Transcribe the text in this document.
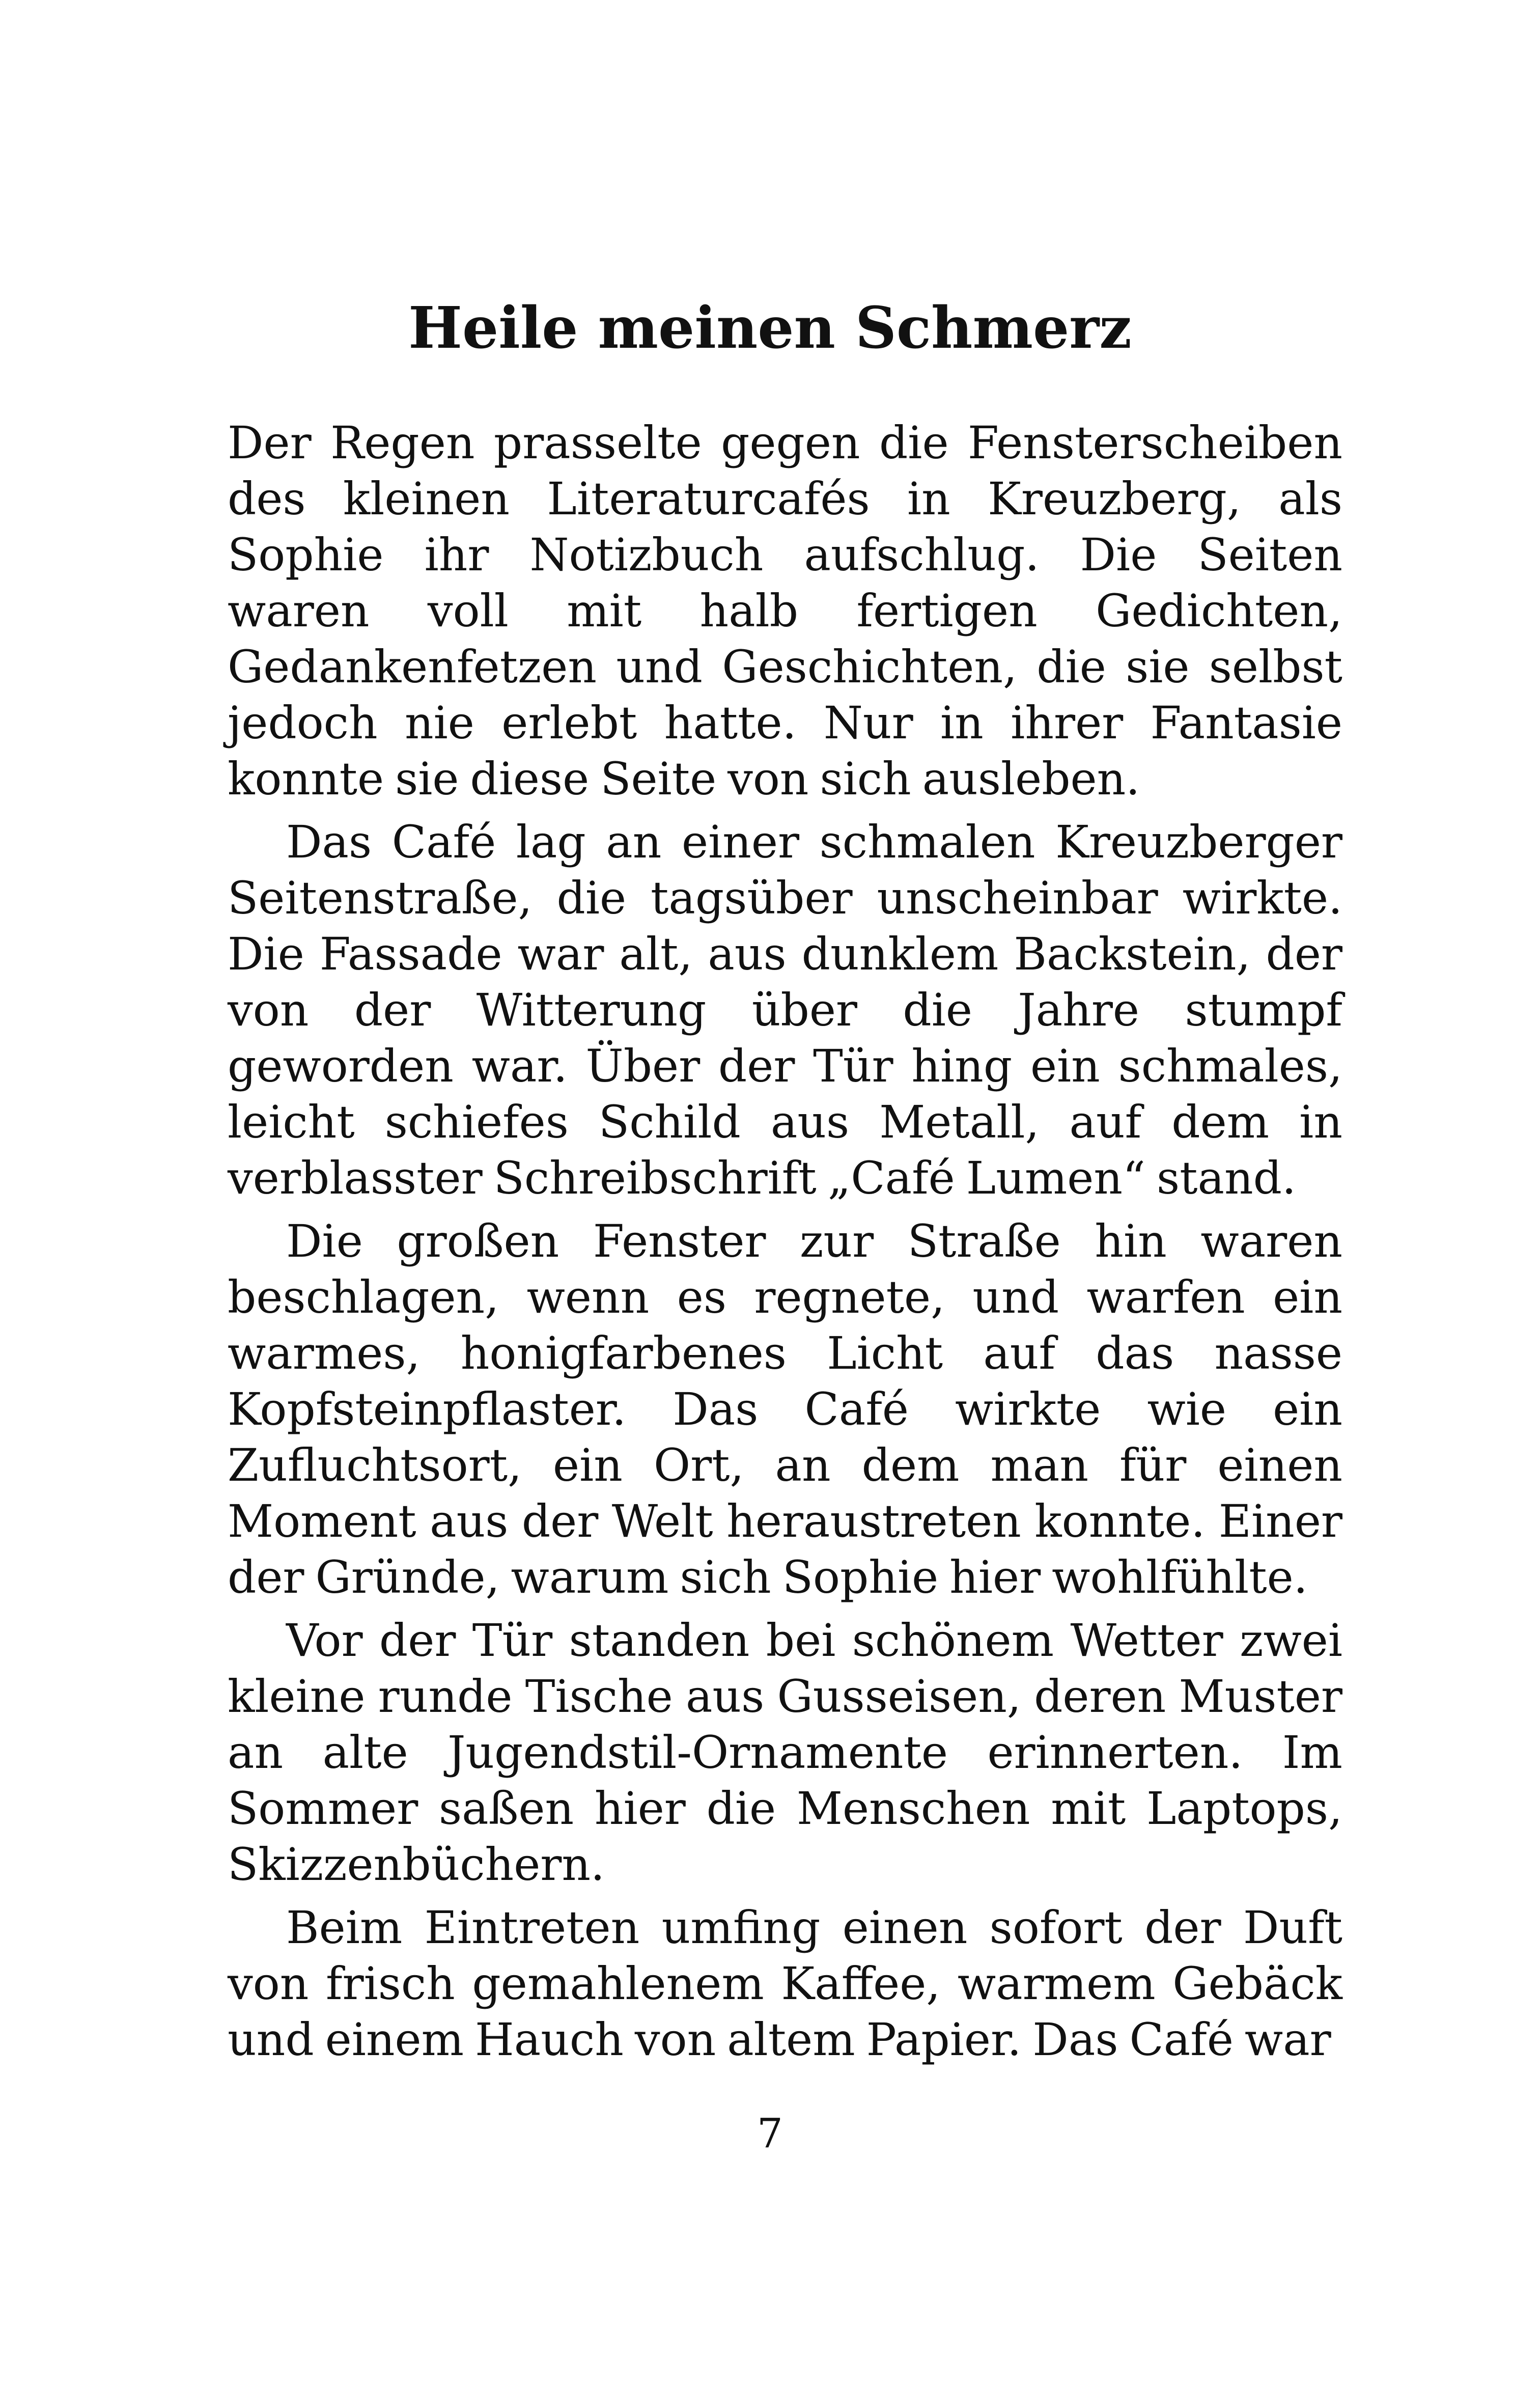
Heile meinen Schmerz

Der Regen prasselte gegen die Fensterscheiben des kleinen Literaturcafés in Kreuzberg, als Sophie ihr Notizbuch aufschlug. Die Seiten waren voll mit halb fertigen Gedichten, Gedankenfetzen und Geschichten, die sie selbst jedoch nie erlebt hatte. Nur in ihrer Fantasie konnte sie diese Seite von sich ausleben.

Das Café lag an einer schmalen Kreuzberger Seitenstraße, die tagsüber unscheinbar wirkte. Die Fassade war alt, aus dunklem Backstein, der von der Witterung über die Jahre stumpf geworden war. Über der Tür hing ein schmales, leicht schiefes Schild aus Metall, auf dem in verblasster Schreibschrift „Café Lumen“ stand.

Die großen Fenster zur Straße hin waren beschlagen, wenn es regnete, und warfen ein warmes, honigfarbenes Licht auf das nasse Kopfsteinpflaster. Das Café wirkte wie ein Zufluchtsort, ein Ort, an dem man für einen Moment aus der Welt heraustreten konnte. Einer der Gründe, warum sich Sophie hier wohlfühlte.

Vor der Tür standen bei schönem Wetter zwei kleine runde Tische aus Gusseisen, deren Muster an alte Jugendstil-Ornamente erinnerten. Im Sommer saßen hier die Menschen mit Laptops, Skizzenbüchern.

Beim Eintreten umfing einen sofort der Duft von frisch gemahlenem Kaffee, warmem Gebäck und einem Hauch von altem Papier. Das Café war

7
